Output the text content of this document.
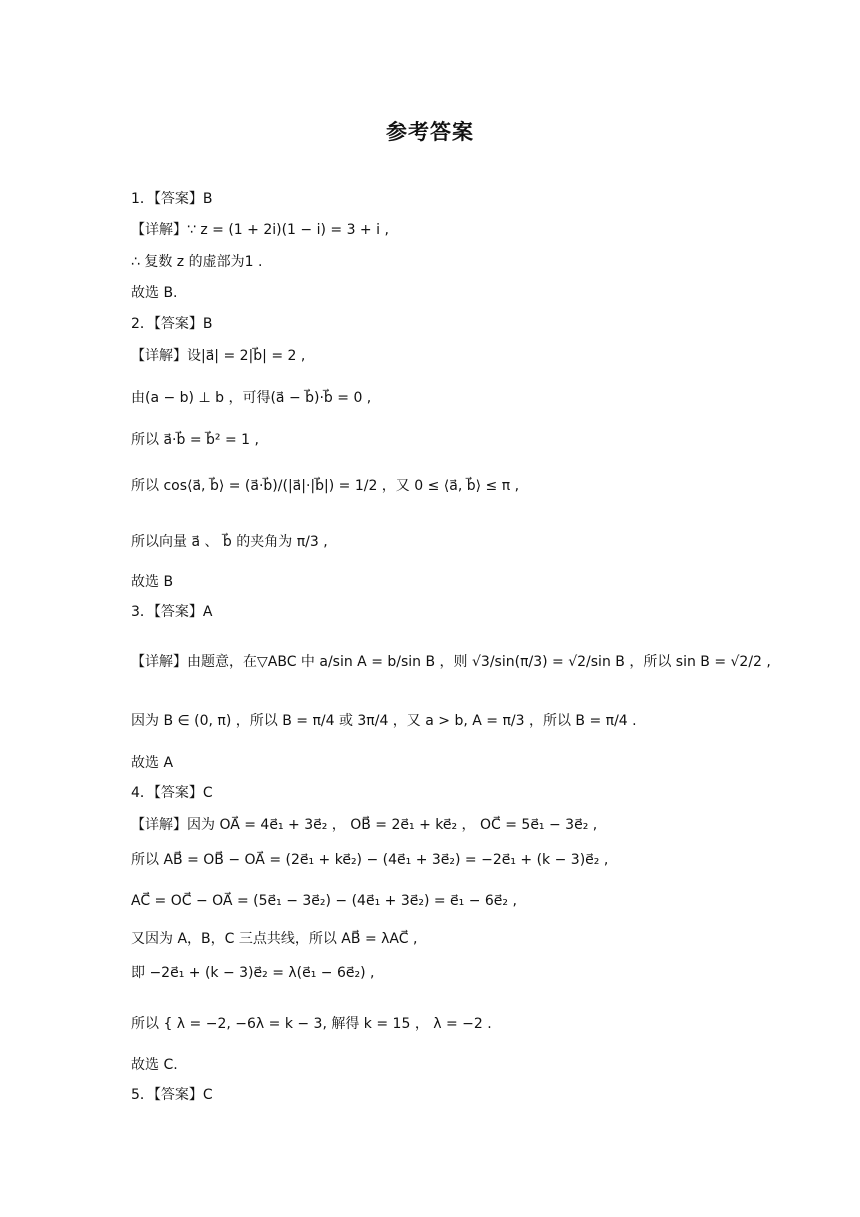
参考答案
1．【答案】B
【详解】∵ z = (1 + 2i)(1 − i) = 3 + i ,
∴ 复数 z 的虚部为1 .
故选 B.
2．【答案】B
【详解】设|a⃗| = 2|b⃗| = 2 ,
由(a − b) ⊥ b ，可得(a⃗ − b⃗)·b⃗ = 0 ,
所以 a⃗·b⃗ = b⃗² = 1 ,
所以 cos⟨a⃗, b⃗⟩ = (a⃗·b⃗)/(|a⃗|·|b⃗|) = 1/2 ，又 0 ≤ ⟨a⃗, b⃗⟩ ≤ π ,
所以向量 a⃗ 、 b⃗ 的夹角为 π/3 ,
故选 B
3．【答案】A
【详解】由题意，在▽ABC 中 a/sin A = b/sin B ，则 √3/sin(π/3) = √2/sin B ，所以 sin B = √2/2 ,
因为 B ∈ (0, π) ，所以 B = π/4 或 3π/4 ，又 a > b, A = π/3 ，所以 B = π/4 .
故选 A
4．【答案】C
【详解】因为 OA⃗ = 4e⃗₁ + 3e⃗₂ ， OB⃗ = 2e⃗₁ + ke⃗₂ ， OC⃗ = 5e⃗₁ − 3e⃗₂ ,
所以 AB⃗ = OB⃗ − OA⃗ = (2e⃗₁ + ke⃗₂) − (4e⃗₁ + 3e⃗₂) = −2e⃗₁ + (k − 3)e⃗₂ ,
AC⃗ = OC⃗ − OA⃗ = (5e⃗₁ − 3e⃗₂) − (4e⃗₁ + 3e⃗₂) = e⃗₁ − 6e⃗₂ ,
又因为 A，B，C 三点共线，所以 AB⃗ = λAC⃗ ,
即 −2e⃗₁ + (k − 3)e⃗₂ = λ(e⃗₁ − 6e⃗₂) ,
所以 { λ = −2, −6λ = k − 3, 解得 k = 15 ， λ = −2 .
故选 C.
5．【答案】C
